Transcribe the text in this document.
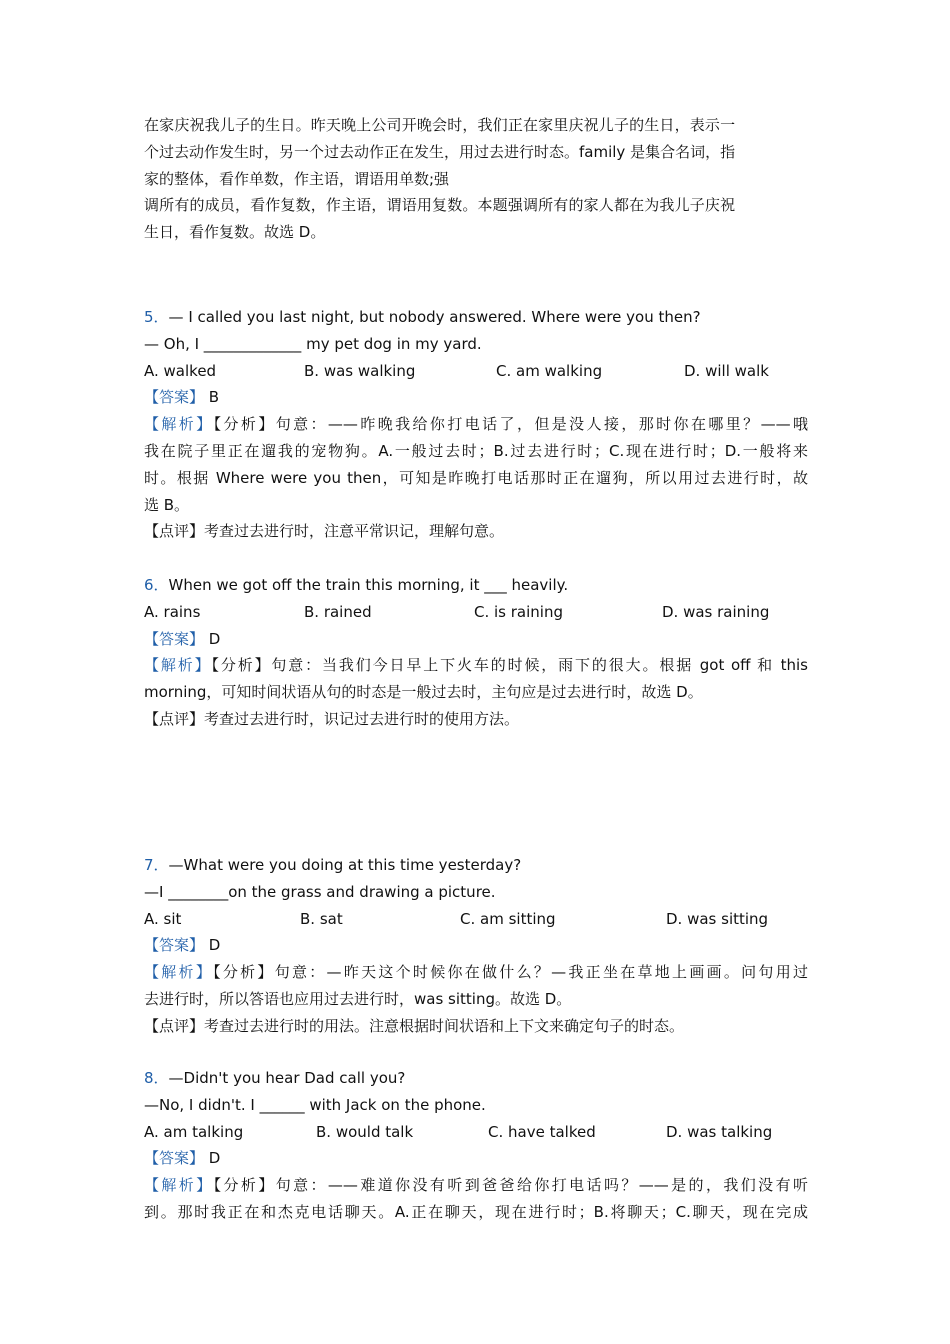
在家庆祝我儿子的生日。昨天晚上公司开晚会时，我们正在家里庆祝儿子的生日，表示一
个过去动作发生时，另一个过去动作正在发生，用过去进行时态。family 是集合名词，指
家的整体，看作单数，作主语，谓语用单数;强
调所有的成员，看作复数，作主语，谓语用复数。本题强调所有的家人都在为我儿子庆祝
生日，看作复数。故选 D。
5．— I called you last night, but nobody answered. Where were you then?
— Oh, I _____________ my pet dog in my yard.
A. walked	B. was walking	C. am walking	D. will walk
【答案】 B
【解析】【分析】句意：——昨晚我给你打电话了，但是没人接，那时你在哪里？——哦
我在院子里正在遛我的宠物狗。A.一般过去时；B.过去进行时；C.现在进行时；D.一般将来
时。根据 Where were you then，可知是昨晚打电话那时正在遛狗，所以用过去进行时，故
选 B。
【点评】考查过去进行时，注意平常识记，理解句意。
6．When we got off the train this morning, it ___ heavily.
A. rains	B. rained	C. is raining	D. was raining
【答案】 D
【解析】【分析】句意：当我们今日早上下火车的时候，雨下的很大。根据 got off 和 this
morning，可知时间状语从句的时态是一般过去时，主句应是过去进行时，故选 D。
【点评】考查过去进行时，识记过去进行时的使用方法。
7．—What were you doing at this time yesterday?
—I ________on the grass and drawing a picture.
A. sit	B. sat	C. am sitting	D. was sitting
【答案】 D
【解析】【分析】句意：—昨天这个时候你在做什么？—我正坐在草地上画画。问句用过
去进行时，所以答语也应用过去进行时，was sitting。故选 D。
【点评】考查过去进行时的用法。注意根据时间状语和上下文来确定句子的时态。
8．—Didn't you hear Dad call you?
—No, I didn't. I ______ with Jack on the phone.
A. am talking	B. would talk	C. have talked	D. was talking
【答案】 D
【解析】【分析】句意：——难道你没有听到爸爸给你打电话吗？——是的，我们没有听
到。那时我正在和杰克电话聊天。A.正在聊天，现在进行时；B.将聊天；C.聊天，现在完成
